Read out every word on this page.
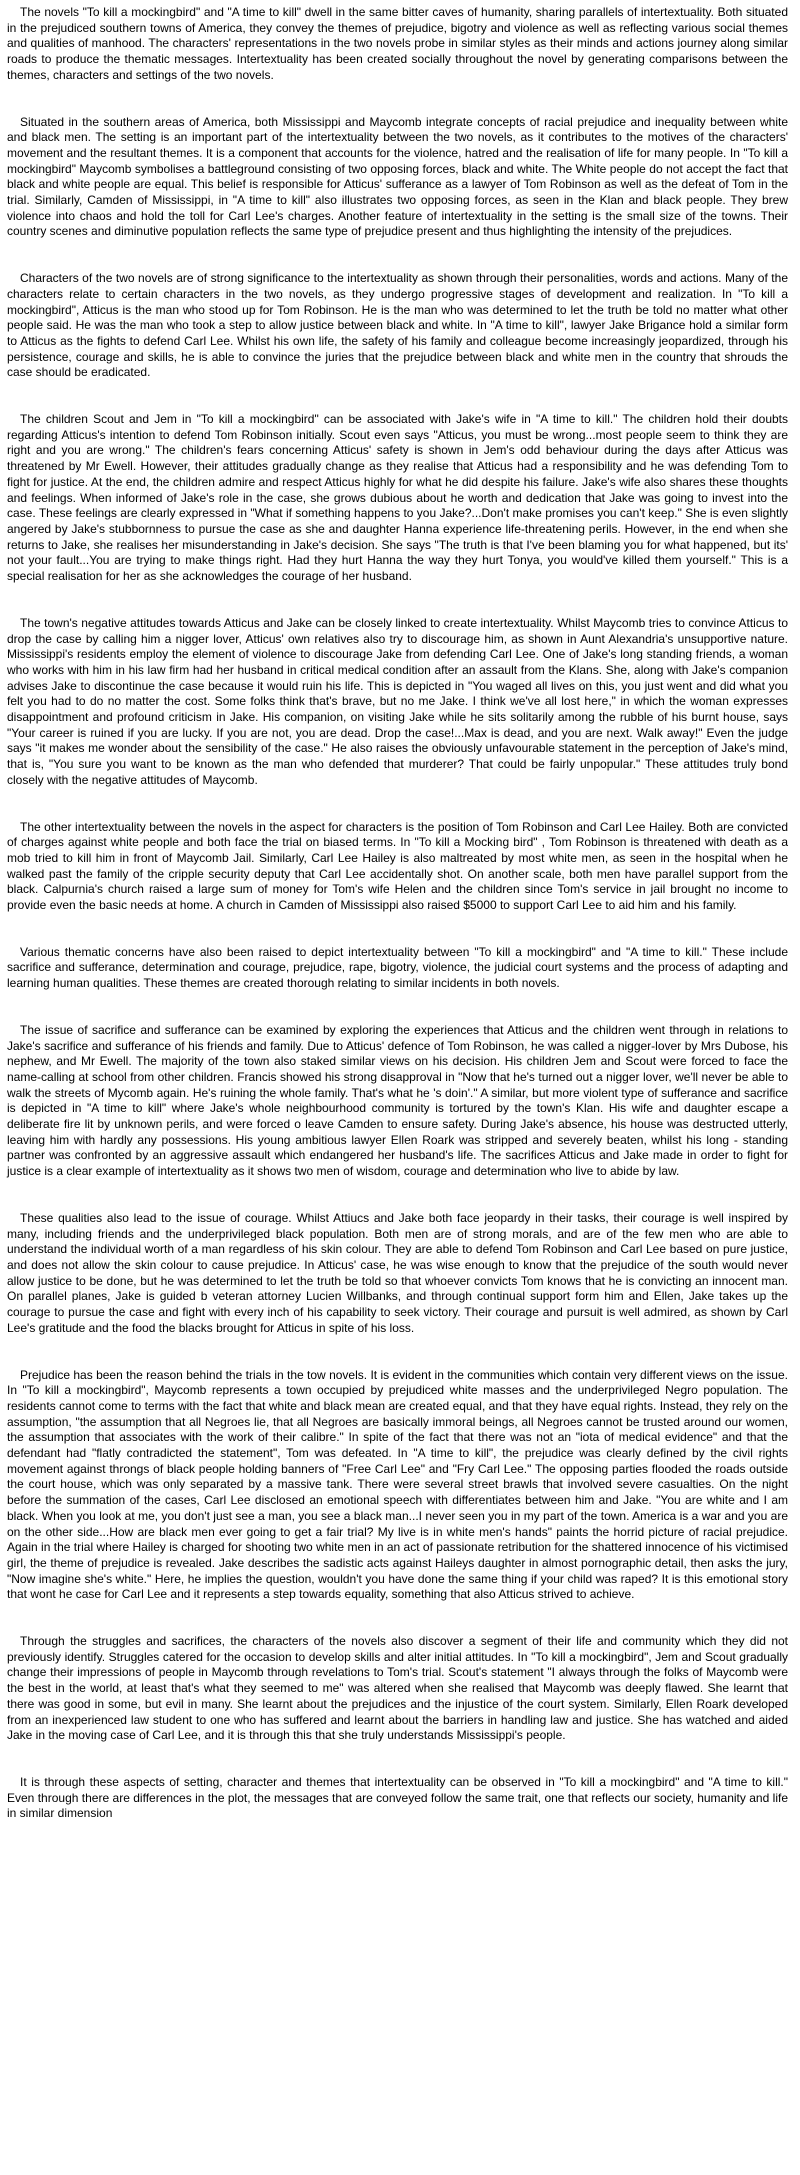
The novels "To kill a mockingbird" and "A time to kill" dwell in the same bitter caves of humanity, sharing parallels of intertextuality. Both situated in the prejudiced southern towns of America, they convey the themes of prejudice, bigotry and violence as well as reflecting various social themes and qualities of manhood. The characters' representations in the two novels probe in similar styles as their minds and actions journey along similar roads to produce the thematic messages. Intertextuality has been created socially throughout the novel by generating comparisons between the themes, characters and settings of the two novels.

Situated in the southern areas of America, both Mississippi and Maycomb integrate concepts of racial prejudice and inequality between white and black men. The setting is an important part of the intertextuality between the two novels, as it contributes to the motives of the characters' movement and the resultant themes. It is a component that accounts for the violence, hatred and the realisation of life for many people. In "To kill a mockingbird" Maycomb symbolises a battleground consisting of two opposing forces, black and white. The White people do not accept the fact that black and white people are equal. This belief is responsible for Atticus' sufferance as a lawyer of Tom Robinson as well as the defeat of Tom in the trial. Similarly, Camden of Mississippi, in "A time to kill" also illustrates two opposing forces, as seen in the Klan and black people. They brew violence into chaos and hold the toll for Carl Lee's charges. Another feature of intertextuality in the setting is the small size of the towns. Their country scenes and diminutive population reflects the same type of prejudice present and thus highlighting the intensity of the prejudices.

Characters of the two novels are of strong significance to the intertextuality as shown through their personalities, words and actions. Many of the characters relate to certain characters in the two novels, as they undergo progressive stages of development and realization. In "To kill a mockingbird", Atticus is the man who stood up for Tom Robinson. He is the man who was determined to let the truth be told no matter what other people said. He was the man who took a step to allow justice between black and white. In "A time to kill", lawyer Jake Brigance hold a similar form to Atticus as the fights to defend Carl Lee. Whilst his own life, the safety of his family and colleague become increasingly jeopardized, through his persistence, courage and skills, he is able to convince the juries that the prejudice between black and white men in the country that shrouds the case should be eradicated.

The children Scout and Jem in "To kill a mockingbird" can be associated with Jake's wife in "A time to kill." The children hold their doubts regarding Atticus's intention to defend Tom Robinson initially. Scout even says "Atticus, you must be wrong...most people seem to think they are right and you are wrong." The children's fears concerning Atticus' safety is shown in Jem's odd behaviour during the days after Atticus was threatened by Mr Ewell. However, their attitudes gradually change as they realise that Atticus had a responsibility and he was defending Tom to fight for justice. At the end, the children admire and respect Atticus highly for what he did despite his failure. Jake's wife also shares these thoughts and feelings. When informed of Jake's role in the case, she grows dubious about he worth and dedication that Jake was going to invest into the case. These feelings are clearly expressed in "What if something happens to you Jake?...Don't make promises you can't keep." She is even slightly angered by Jake's stubbornness to pursue the case as she and daughter Hanna experience life-threatening perils. However, in the end when she returns to Jake, she realises her misunderstanding in Jake's decision. She says "The truth is that I've been blaming you for what happened, but its' not your fault...You are trying to make things right. Had they hurt Hanna the way they hurt Tonya, you would've killed them yourself." This is a special realisation for her as she acknowledges the courage of her husband.

The town's negative attitudes towards Atticus and Jake can be closely linked to create intertextuality. Whilst Maycomb tries to convince Atticus to drop the case by calling him a nigger lover, Atticus' own relatives also try to discourage him, as shown in Aunt Alexandria's unsupportive nature. Mississippi's residents employ the element of violence to discourage Jake from defending Carl Lee. One of Jake's long standing friends, a woman who works with him in his law firm had her husband in critical medical condition after an assault from the Klans. She, along with Jake's companion advises Jake to discontinue the case because it would ruin his life. This is depicted in "You waged all lives on this, you just went and did what you felt you had to do no matter the cost. Some folks think that's brave, but no me Jake. I think we've all lost here," in which the woman expresses disappointment and profound criticism in Jake. His companion, on visiting Jake while he sits solitarily among the rubble of his burnt house, says "Your career is ruined if you are lucky. If you are not, you are dead. Drop the case!...Max is dead, and you are next. Walk away!" Even the judge says "it makes me wonder about the sensibility of the case." He also raises the obviously unfavourable statement in the perception of Jake's mind, that is, "You sure you want to be known as the man who defended that murderer? That could be fairly unpopular." These attitudes truly bond closely with the negative attitudes of Maycomb.

The other intertextuality between the novels in the aspect for characters is the position of Tom Robinson and Carl Lee Hailey. Both are convicted of charges against white people and both face the trial on biased terms. In "To kill a Mocking bird" , Tom Robinson is threatened with death as a mob tried to kill him in front of Maycomb Jail. Similarly, Carl Lee Hailey is also maltreated by most white men, as seen in the hospital when he walked past the family of the cripple security deputy that Carl Lee accidentally shot. On another scale, both men have parallel support from the black. Calpurnia's church raised a large sum of money for Tom's wife Helen and the children since Tom's service in jail brought no income to provide even the basic needs at home. A church in Camden of Mississippi also raised $5000 to support Carl Lee to aid him and his family.

Various thematic concerns have also been raised to depict intertextuality between "To kill a mockingbird" and "A time to kill." These include sacrifice and sufferance, determination and courage, prejudice, rape, bigotry, violence, the judicial court systems and the process of adapting and learning human qualities. These themes are created thorough relating to similar incidents in both novels.

The issue of sacrifice and sufferance can be examined by exploring the experiences that Atticus and the children went through in relations to Jake's sacrifice and sufferance of his friends and family. Due to Atticus' defence of Tom Robinson, he was called a nigger-lover by Mrs Dubose, his nephew, and Mr Ewell. The majority of the town also staked similar views on his decision. His children Jem and Scout were forced to face the name-calling at school from other children. Francis showed his strong disapproval in "Now that he's turned out a nigger lover, we'll never be able to walk the streets of Mycomb again. He's ruining the whole family. That's what he 's doin'." A similar, but more violent type of sufferance and sacrifice is depicted in "A time to kill" where Jake's whole neighbourhood community is tortured by the town's Klan. His wife and daughter escape a deliberate fire lit by unknown perils, and were forced o leave Camden to ensure safety. During Jake's absence, his house was destructed utterly, leaving him with hardly any possessions. His young ambitious lawyer Ellen Roark was stripped and severely beaten, whilst his long - standing partner was confronted by an aggressive assault which endangered her husband's life. The sacrifices Atticus and Jake made in order to fight for justice is a clear example of intertextuality as it shows two men of wisdom, courage and determination who live to abide by law.

These qualities also lead to the issue of courage. Whilst Attiucs and Jake both face jeopardy in their tasks, their courage is well inspired by many, including friends and the underprivileged black population. Both men are of strong morals, and are of the few men who are able to understand the individual worth of a man regardless of his skin colour. They are able to defend Tom Robinson and Carl Lee based on pure justice, and does not allow the skin colour to cause prejudice. In Atticus' case, he was wise enough to know that the prejudice of the south would never allow justice to be done, but he was determined to let the truth be told so that whoever convicts Tom knows that he is convicting an innocent man. On parallel planes, Jake is guided b veteran attorney Lucien Willbanks, and through continual support form him and Ellen, Jake takes up the courage to pursue the case and fight with every inch of his capability to seek victory. Their courage and pursuit is well admired, as shown by Carl Lee's gratitude and the food the blacks brought for Atticus in spite of his loss.

Prejudice has been the reason behind the trials in the tow novels. It is evident in the communities which contain very different views on the issue. In "To kill a mockingbird", Maycomb represents a town occupied by prejudiced white masses and the underprivileged Negro population. The residents cannot come to terms with the fact that white and black mean are created equal, and that they have equal rights. Instead, they rely on the assumption, "the assumption that all Negroes lie, that all Negroes are basically immoral beings, all Negroes cannot be trusted around our women, the assumption that associates with the work of their calibre." In spite of the fact that there was not an "iota of medical evidence" and that the defendant had "flatly contradicted the statement", Tom was defeated. In "A time to kill", the prejudice was clearly defined by the civil rights movement against throngs of black people holding banners of "Free Carl Lee" and "Fry Carl Lee." The opposing parties flooded the roads outside the court house, which was only separated by a massive tank. There were several street brawls that involved severe casualties. On the night before the summation of the cases, Carl Lee disclosed an emotional speech with differentiates between him and Jake. "You are white and I am black. When you look at me, you don't just see a man, you see a black man...I never seen you in my part of the town. America is a war and you are on the other side...How are black men ever going to get a fair trial? My live is in white men's hands" paints the horrid picture of racial prejudice. Again in the trial where Hailey is charged for shooting two white men in an act of passionate retribution for the shattered innocence of his victimised girl, the theme of prejudice is revealed. Jake describes the sadistic acts against Haileys daughter in almost pornographic detail, then asks the jury, "Now imagine she's white." Here, he implies the question, wouldn't you have done the same thing if your child was raped? It is this emotional story that wont he case for Carl Lee and it represents a step towards equality, something that also Atticus strived to achieve.

Through the struggles and sacrifices, the characters of the novels also discover a segment of their life and community which they did not previously identify. Struggles catered for the occasion to develop skills and alter initial attitudes. In "To kill a mockingbird", Jem and Scout gradually change their impressions of people in Maycomb through revelations to Tom's trial. Scout's statement "I always through the folks of Maycomb were the best in the world, at least that's what they seemed to me" was altered when she realised that Maycomb was deeply flawed. She learnt that there was good in some, but evil in many. She learnt about the prejudices and the injustice of the court system. Similarly, Ellen Roark developed from an inexperienced law student to one who has suffered and learnt about the barriers in handling law and justice. She has watched and aided Jake in the moving case of Carl Lee, and it is through this that she truly understands Mississippi's people.

It is through these aspects of setting, character and themes that intertextuality can be observed in "To kill a mockingbird" and "A time to kill." Even through there are differences in the plot, the messages that are conveyed follow the same trait, one that reflects our society, humanity and life in similar dimension
